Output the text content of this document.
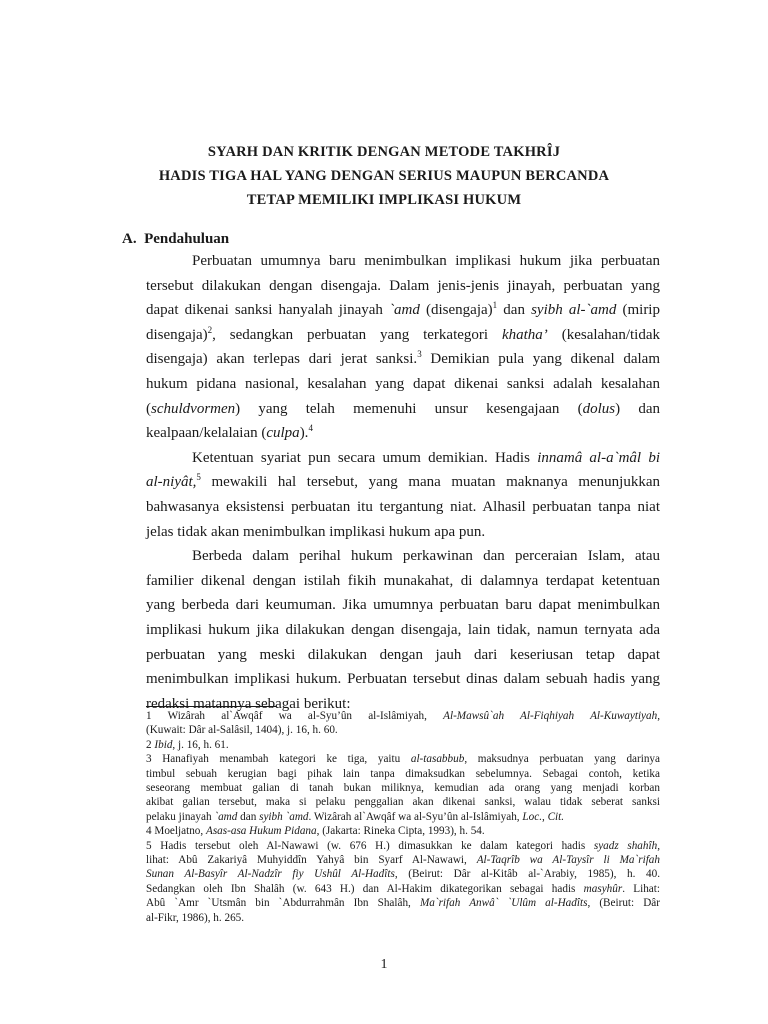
SYARH DAN KRITIK DENGAN METODE TAKHRÎJ
HADIS TIGA HAL YANG DENGAN SERIUS MAUPUN BERCANDA
TETAP MEMILIKI IMPLIKASI HUKUM
A. Pendahuluan
Perbuatan umumnya baru menimbulkan implikasi hukum jika perbuatan
tersebut dilakukan dengan disengaja. Dalam jenis-jenis jinayah, perbuatan yang
dapat dikenai sanksi hanyalah jinayah `amd (disengaja)$^1$ dan syibh al-`amd (mirip
disengaja)$^2$, sedangkan perbuatan yang terkategori khatha’ (kesalahan/tidak
disengaja) akan terlepas dari jerat sanksi.$^3$ Demikian pula yang dikenal dalam
hukum pidana nasional, kesalahan yang dapat dikenai sanksi adalah kesalahan
(schuldvormen) yang telah memenuhi unsur kesengajaan (dolus) dan
kealpaan/kelalaian (culpa).$^4$
Ketentuan syariat pun secara umum demikian. Hadis innamâ al-a`mâl bi
al-niyât,$^5$ mewakili hal tersebut, yang mana muatan maknanya menunjukkan
bahwasanya eksistensi perbuatan itu tergantung niat. Alhasil perbuatan tanpa niat
jelas tidak akan menimbulkan implikasi hukum apa pun.
Berbeda dalam perihal hukum perkawinan dan perceraian Islam, atau
familier dikenal dengan istilah fikih munakahat, di dalamnya terdapat ketentuan
yang berbeda dari keumuman. Jika umumnya perbuatan baru dapat menimbulkan
implikasi hukum jika dilakukan dengan disengaja, lain tidak, namun ternyata ada
perbuatan yang meski dilakukan dengan jauh dari keseriusan tetap dapat
menimbulkan implikasi hukum. Perbuatan tersebut dinas dalam sebuah hadis yang
redaksi matannya sebagai berikut:
1 Wizârah al`Awqâf wa al-Syu’ûn al-Islâmiyah, Al-Mawsû`ah Al-Fiqhiyah Al-Kuwaytiyah,
(Kuwait: Dâr al-Salâsil, 1404), j. 16, h. 60.
2 Ibid, j. 16, h. 61.
3 Hanafiyah menambah kategori ke tiga, yaitu al-tasabbub, maksudnya perbuatan yang darinya
timbul sebuah kerugian bagi pihak lain tanpa dimaksudkan sebelumnya. Sebagai contoh, ketika
seseorang membuat galian di tanah bukan miliknya, kemudian ada orang yang menjadi korban
akibat galian tersebut, maka si pelaku penggalian akan dikenai sanksi, walau tidak seberat sanksi
pelaku jinayah `amd dan syibh `amd. Wizârah al`Awqâf wa al-Syu’ûn al-Islâmiyah, Loc., Cit.
4 Moeljatno, Asas-asa Hukum Pidana, (Jakarta: Rineka Cipta, 1993), h. 54.
5 Hadis tersebut oleh Al-Nawawi (w. 676 H.) dimasukkan ke dalam kategori hadis syadz shahîh,
lihat: Abû Zakariyâ Muhyiddîn Yahyâ bin Syarf Al-Nawawi, Al-Taqrîb wa Al-Taysîr li Ma`rifah
Sunan Al-Basyîr Al-Nadzîr fiy Ushûl Al-Hadîts, (Beirut: Dâr al-Kitâb al-`Arabiy, 1985), h. 40.
Sedangkan oleh Ibn Shalâh (w. 643 H.) dan Al-Hakim dikategorikan sebagai hadis masyhûr. Lihat:
Abû `Amr `Utsmân bin `Abdurrahmân Ibn Shalâh, Ma`rifah Anwâ` `Ulûm al-Hadîts, (Beirut: Dâr
al-Fikr, 1986), h. 265.
1
